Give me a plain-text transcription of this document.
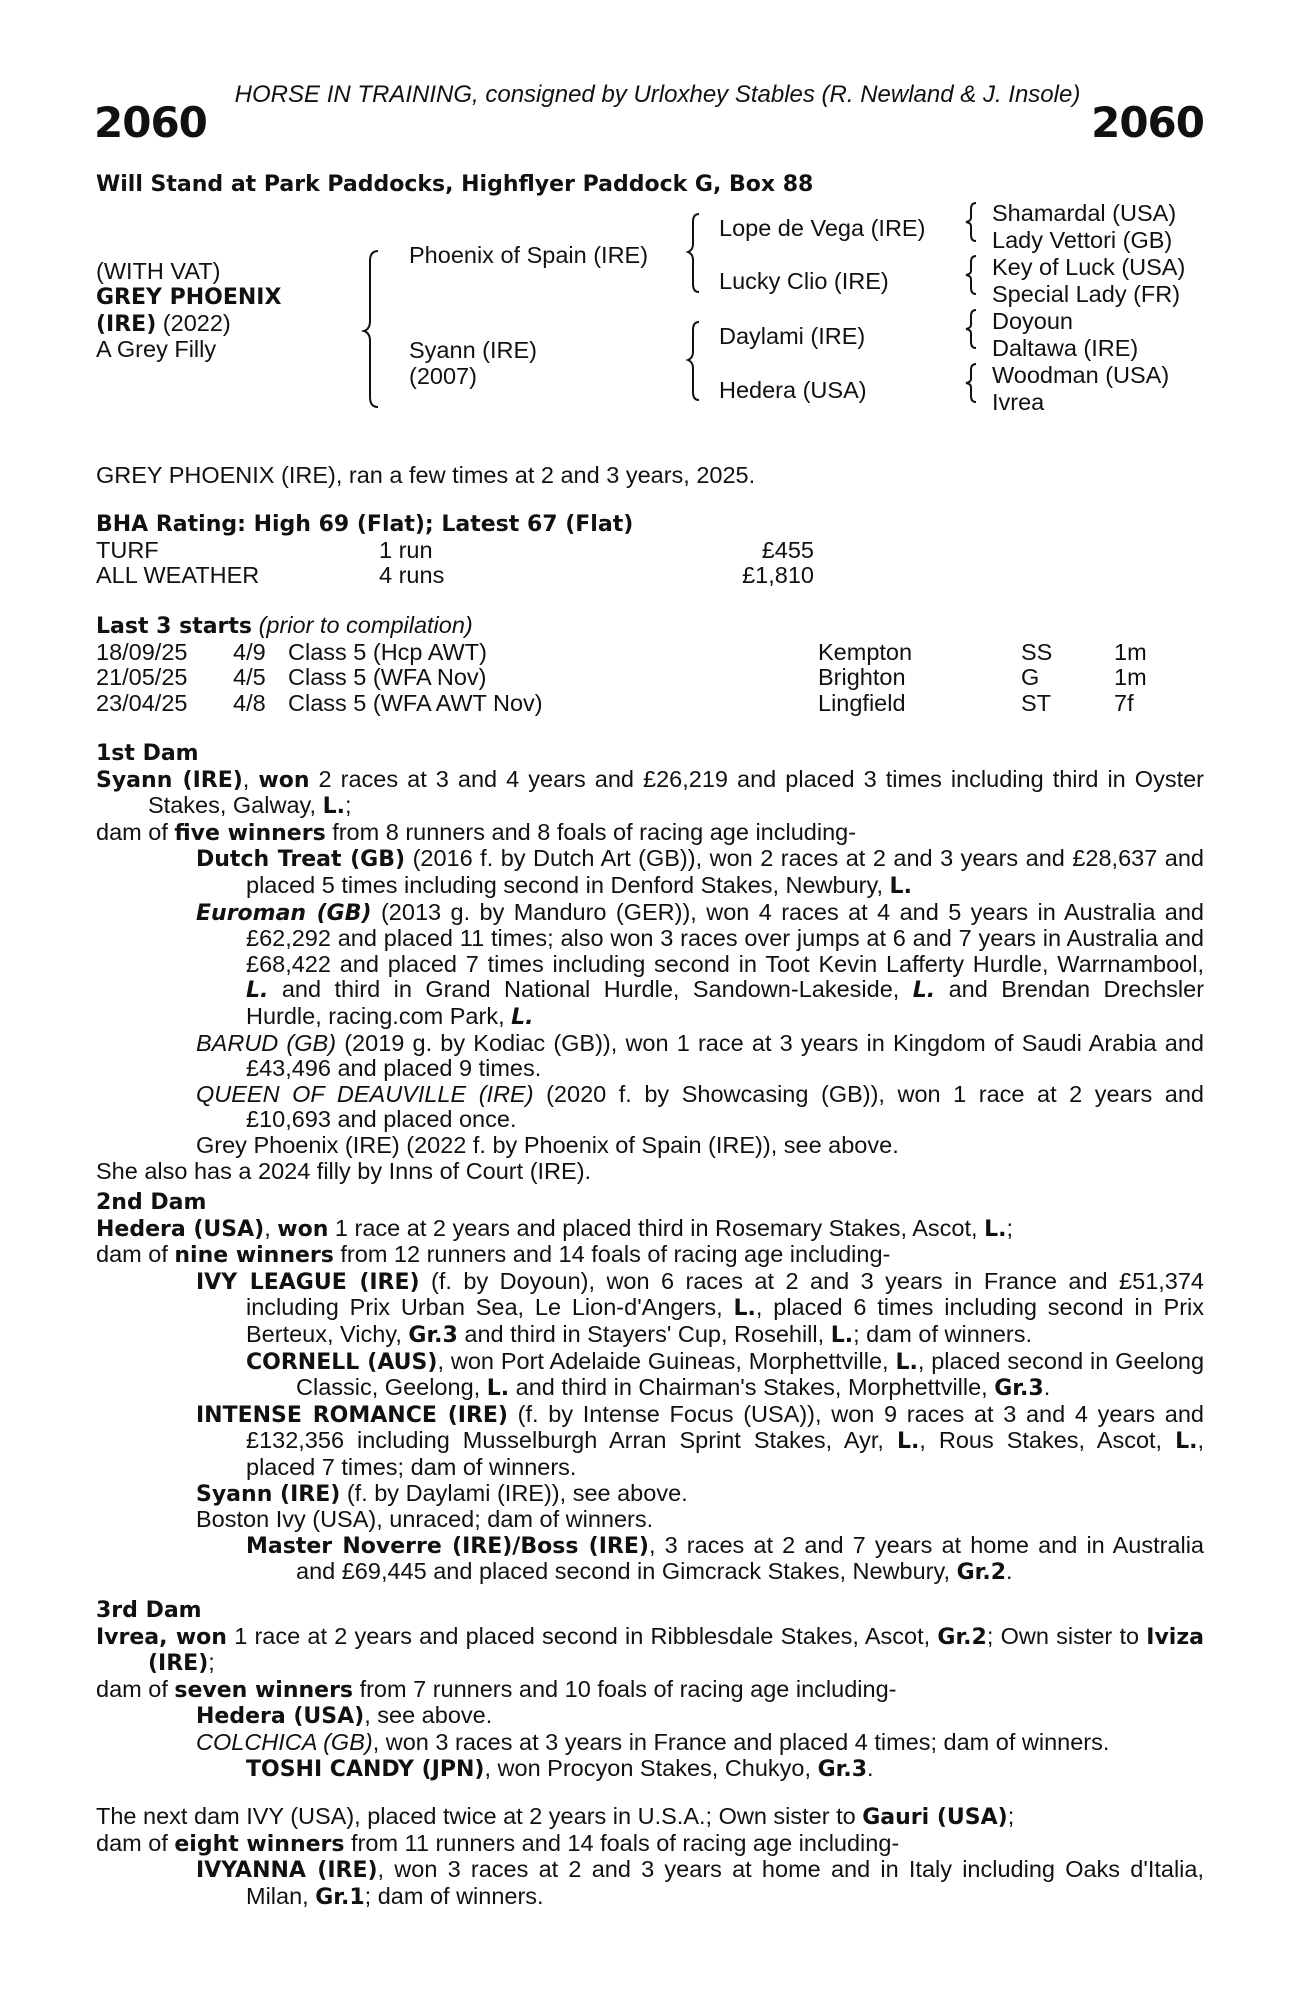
HORSE IN TRAINING, consigned by Urloxhey Stables (R. Newland & J. Insole)
2060	2060
Will Stand at Park Paddocks, Highflyer Paddock G, Box 88
(WITH VAT)
GREY PHOENIX
(IRE) (2022)
A Grey Filly
Phoenix of Spain (IRE)
Syann (IRE)
(2007)
Lope de Vega (IRE)
Lucky Clio (IRE)
Daylami (IRE)
Hedera (USA)
Shamardal (USA)
Lady Vettori (GB)
Key of Luck (USA)
Special Lady (FR)
Doyoun
Daltawa (IRE)
Woodman (USA)
Ivrea
GREY PHOENIX (IRE), ran a few times at 2 and 3 years, 2025.
BHA Rating: High 69 (Flat); Latest 67 (Flat)
TURF	1 run	£455
ALL WEATHER	4 runs	£1,810
Last 3 starts (prior to compilation)
18/09/25 4/9 Class 5 (Hcp AWT)	Kempton	SS	1m
21/05/25 4/5 Class 5 (WFA Nov)	Brighton	G	1m
23/04/25 4/8 Class 5 (WFA AWT Nov)	Lingfield	ST	7f
1st Dam

Syann (IRE), won 2 races at 3 and 4 years and £26,219 and placed 3 times including third in Oyster Stakes, Galway, L.;

dam of five winners from 8 runners and 8 foals of racing age including-

Dutch Treat (GB) (2016 f. by Dutch Art (GB)), won 2 races at 2 and 3 years and £28,637 and placed 5 times including second in Denford Stakes, Newbury, L.

Euroman (GB) (2013 g. by Manduro (GER)), won 4 races at 4 and 5 years in Australia and £62,292 and placed 11 times; also won 3 races over jumps at 6 and 7 years in Australia and £68,422 and placed 7 times including second in Toot Kevin Lafferty Hurdle, Warrnambool, L. and third in Grand National Hurdle, Sandown-Lakeside, L. and Brendan Drechsler Hurdle, racing.com Park, L.

BARUD (GB) (2019 g. by Kodiac (GB)), won 1 race at 3 years in Kingdom of Saudi Arabia and £43,496 and placed 9 times.

QUEEN OF DEAUVILLE (IRE) (2020 f. by Showcasing (GB)), won 1 race at 2 years and £10,693 and placed once.

Grey Phoenix (IRE) (2022 f. by Phoenix of Spain (IRE)), see above.

She also has a 2024 filly by Inns of Court (IRE).

2nd Dam

Hedera (USA), won 1 race at 2 years and placed third in Rosemary Stakes, Ascot, L.;

dam of nine winners from 12 runners and 14 foals of racing age including-

IVY LEAGUE (IRE) (f. by Doyoun), won 6 races at 2 and 3 years in France and £51,374 including Prix Urban Sea, Le Lion-d'Angers, L., placed 6 times including second in Prix Berteux, Vichy, Gr.3 and third in Stayers' Cup, Rosehill, L.; dam of winners.

CORNELL (AUS), won Port Adelaide Guineas, Morphettville, L., placed second in Geelong Classic, Geelong, L. and third in Chairman's Stakes, Morphettville, Gr.3.

INTENSE ROMANCE (IRE) (f. by Intense Focus (USA)), won 9 races at 3 and 4 years and £132,356 including Musselburgh Arran Sprint Stakes, Ayr, L., Rous Stakes, Ascot, L., placed 7 times; dam of winners.

Syann (IRE) (f. by Daylami (IRE)), see above.

Boston Ivy (USA), unraced; dam of winners.

Master Noverre (IRE)/Boss (IRE), 3 races at 2 and 7 years at home and in Australia and £69,445 and placed second in Gimcrack Stakes, Newbury, Gr.2.

3rd Dam

Ivrea, won 1 race at 2 years and placed second in Ribblesdale Stakes, Ascot, Gr.2; Own sister to Iviza (IRE);

dam of seven winners from 7 runners and 10 foals of racing age including-

Hedera (USA), see above.

COLCHICA (GB), won 3 races at 3 years in France and placed 4 times; dam of winners.

TOSHI CANDY (JPN), won Procyon Stakes, Chukyo, Gr.3.

The next dam IVY (USA), placed twice at 2 years in U.S.A.; Own sister to Gauri (USA);

dam of eight winners from 11 runners and 14 foals of racing age including-

IVYANNA (IRE), won 3 races at 2 and 3 years at home and in Italy including Oaks d'Italia, Milan, Gr.1; dam of winners.
